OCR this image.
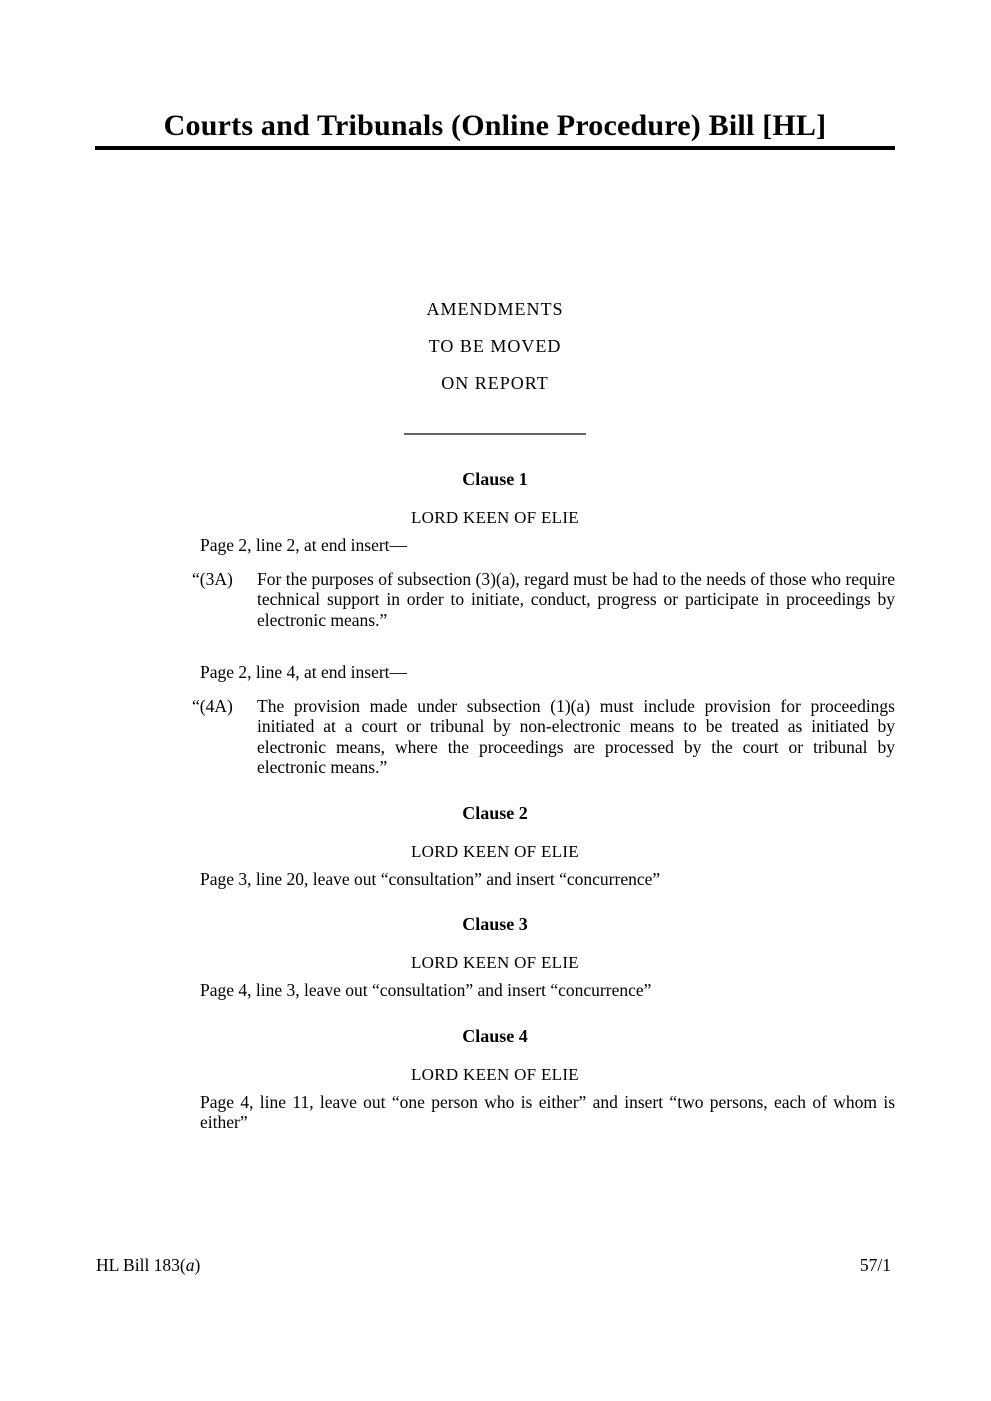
Courts and Tribunals (Online Procedure) Bill [HL]

AMENDMENTS

TO BE MOVED

ON REPORT

Clause 1

LORD KEEN OF ELIE

Page 2, line 2, at end insert—

“(3A)	For the purposes of subsection (3)(a), regard must be had to the needs of those who require technical support in order to initiate, conduct, progress or participate in proceedings by electronic means.”

Page 2, line 4, at end insert—

“(4A)	The provision made under subsection (1)(a) must include provision for proceedings initiated at a court or tribunal by non-electronic means to be treated as initiated by electronic means, where the proceedings are processed by the court or tribunal by electronic means.”
Clause 2

LORD KEEN OF ELIE

Page 3, line 20, leave out “consultation” and insert “concurrence”

Clause 3

LORD KEEN OF ELIE

Page 4, line 3, leave out “consultation” and insert “concurrence”

Clause 4

LORD KEEN OF ELIE

Page 4, line 11, leave out “one person who is either” and insert “two persons, each of whom is either”

HL Bill 183(a)	57/1
